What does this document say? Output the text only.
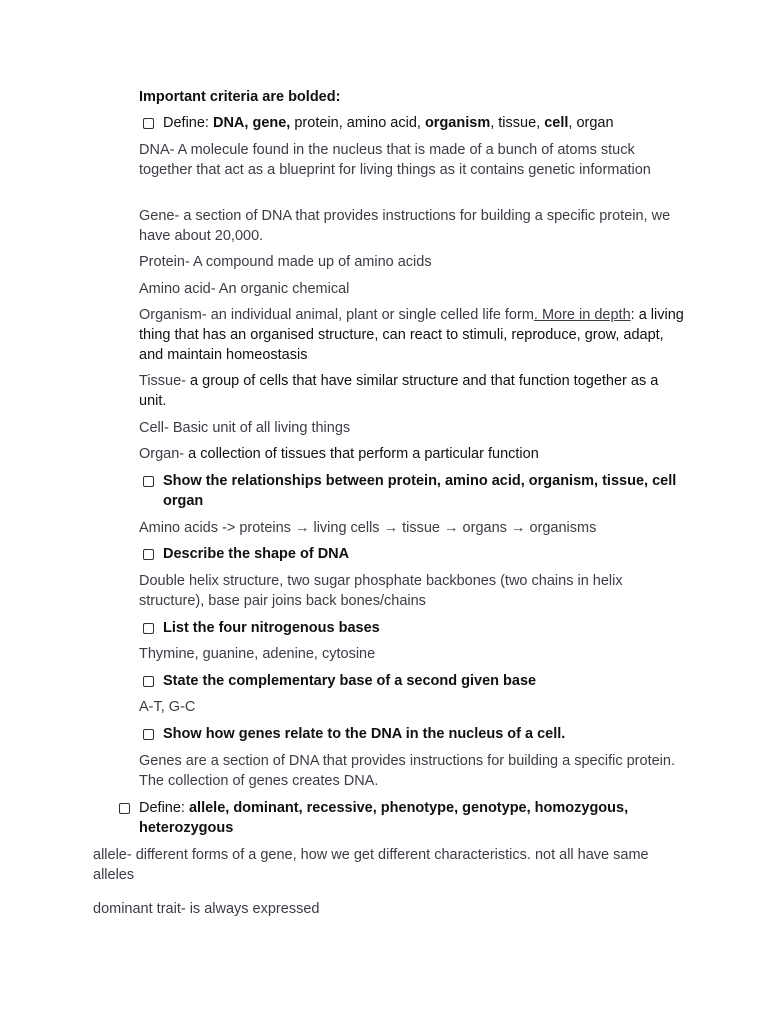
Important criteria are bolded:

Define: DNA, gene, protein, amino acid, organism, tissue, cell, organ

DNA- A molecule found in the nucleus that is made of a bunch of atoms stuck together that act as a blueprint for living things as it contains genetic information

Gene- a section of DNA that provides instructions for building a specific protein, we have about 20,000.

Protein- A compound made up of amino acids

Amino acid- An organic chemical

Organism- an individual animal, plant or single celled life form. More in depth: a living thing that has an organised structure, can react to stimuli, reproduce, grow, adapt, and maintain homeostasis

Tissue- a group of cells that have similar structure and that function together as a unit.

Cell- Basic unit of all living things

Organ- a collection of tissues that perform a particular function

Show the relationships between protein, amino acid, organism, tissue, cell organ

Amino acids -> proteins → living cells → tissue → organs → organisms

Describe the shape of DNA

Double helix structure, two sugar phosphate backbones (two chains in helix structure), base pair joins back bones/chains

List the four nitrogenous bases

Thymine, guanine, adenine, cytosine

State the complementary base of a second given base

A-T, G-C

Show how genes relate to the DNA in the nucleus of a cell.

Genes are a section of DNA that provides instructions for building a specific protein. The collection of genes creates DNA.

Define: allele, dominant, recessive, phenotype, genotype, homozygous, heterozygous

allele- different forms of a gene, how we get different characteristics. not all have same alleles

dominant trait- is always expressed
